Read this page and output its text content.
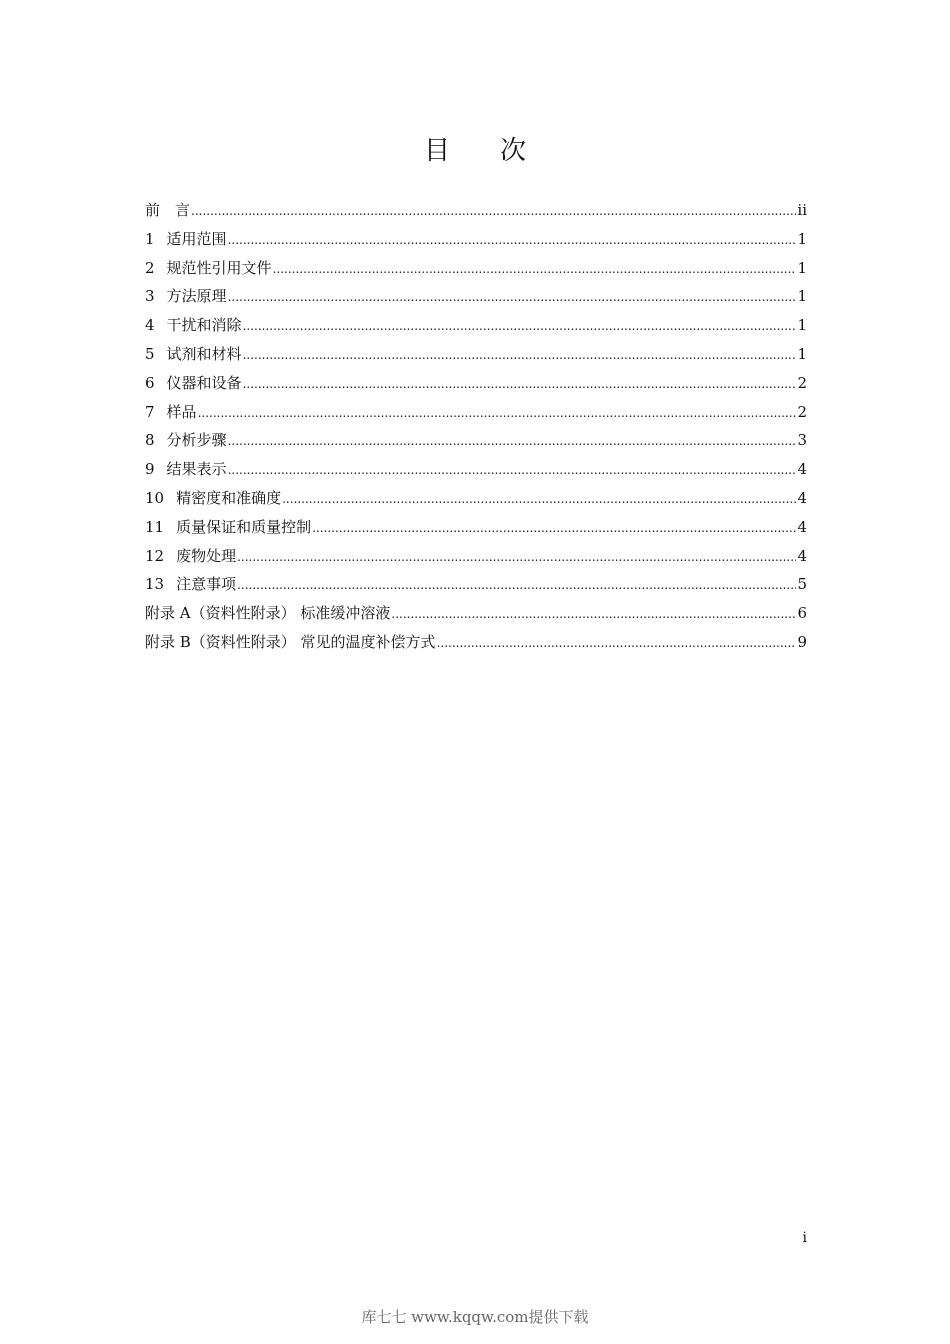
目 次
前　言 .....	ii
1 适用范围 .....	1
2 规范性引用文件 .....	1
3 方法原理 .....	1
4 干扰和消除 .....	1
5 试剂和材料 .....	1
6 仪器和设备 .....	2
7 样品 .....	2
8 分析步骤 .....	3
9 结果表示 .....	4
10 精密度和准确度 .....	4
11 质量保证和质量控制 .....	4
12 废物处理 .....	4
13 注意事项 .....	5
附录 A（资料性附录） 标准缓冲溶液 .....	6
附录 B（资料性附录） 常见的温度补偿方式 .....	9
i
库七七 www.kqqw.com提供下载
